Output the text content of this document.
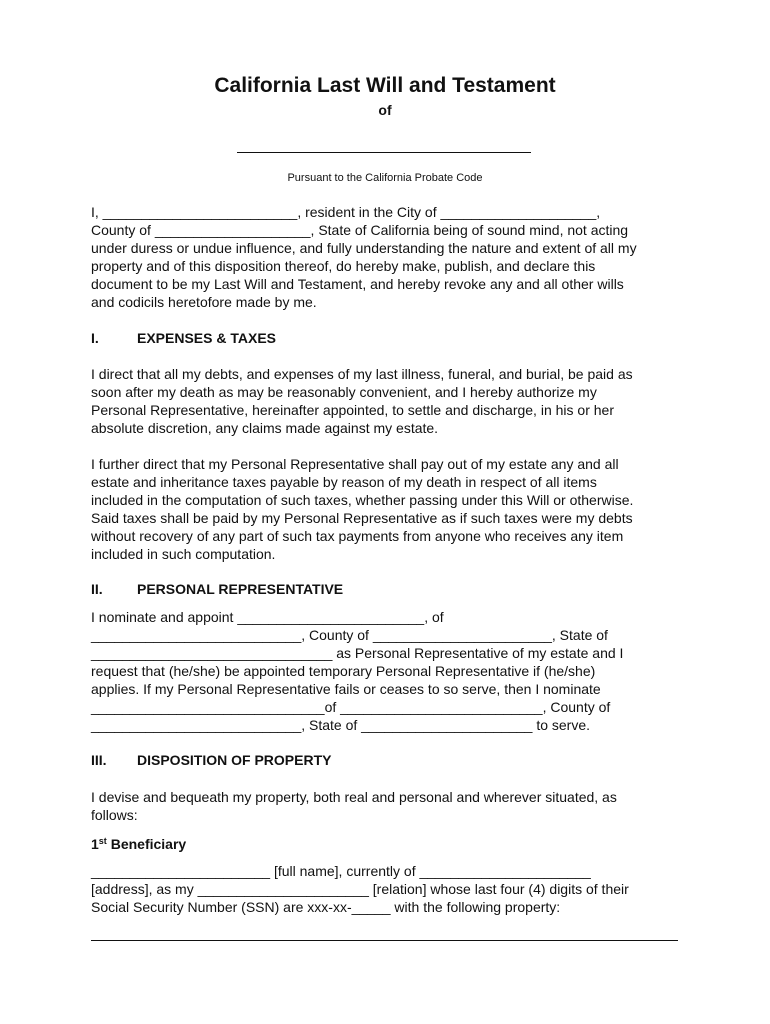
California Last Will and Testament
of
Pursuant to the California Probate Code
I, _________________________, resident in the City of ____________________,
County of ____________________, State of California being of sound mind, not acting
under duress or undue influence, and fully understanding the nature and extent of all my
property and of this disposition thereof, do hereby make, publish, and declare this
document to be my Last Will and Testament, and hereby revoke any and all other wills
and codicils heretofore made by me.
I.	EXPENSES & TAXES
I direct that all my debts, and expenses of my last illness, funeral, and burial, be paid as
soon after my death as may be reasonably convenient, and I hereby authorize my
Personal Representative, hereinafter appointed, to settle and discharge, in his or her
absolute discretion, any claims made against my estate.
I further direct that my Personal Representative shall pay out of my estate any and all
estate and inheritance taxes payable by reason of my death in respect of all items
included in the computation of such taxes, whether passing under this Will or otherwise.
Said taxes shall be paid by my Personal Representative as if such taxes were my debts
without recovery of any part of such tax payments from anyone who receives any item
included in such computation.
II. PERSONAL REPRESENTATIVE
I nominate and appoint ________________________, of
___________________________, County of _______________________, State of
_______________________________ as Personal Representative of my estate and I
request that (he/she) be appointed temporary Personal Representative if (he/she)
applies. If my Personal Representative fails or ceases to so serve, then I nominate
______________________________of __________________________, County of
___________________________, State of ______________________ to serve.
III. DISPOSITION OF PROPERTY
I devise and bequeath my property, both real and personal and wherever situated, as
follows:
1st Beneficiary
_______________________ [full name], currently of ______________________
[address], as my ______________________ [relation] whose last four (4) digits of their
Social Security Number (SSN) are xxx-xx-_____ with the following property:
